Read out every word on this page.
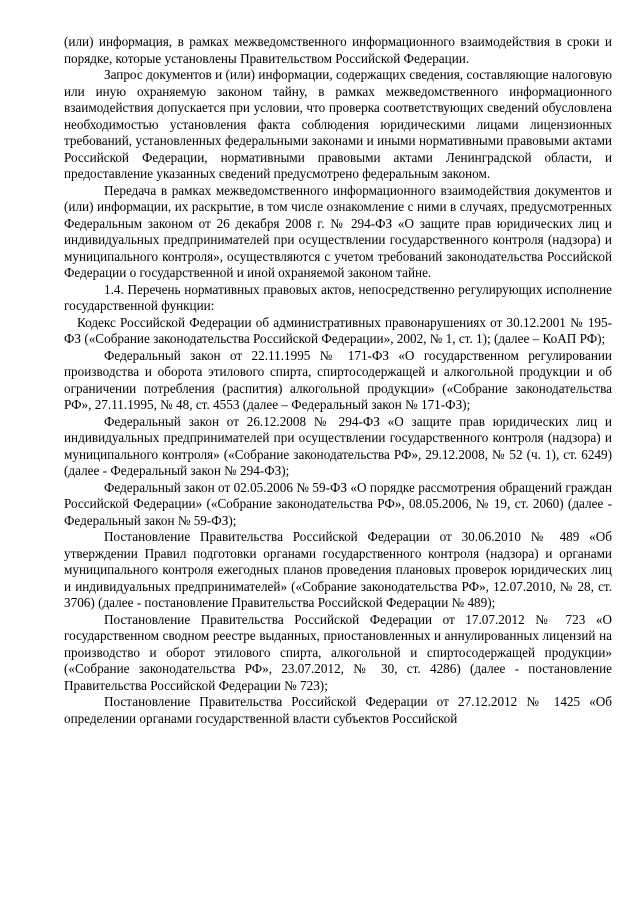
(или) информация, в рамках межведомственного информационного взаимодействия в сроки и порядке, которые установлены Правительством Российской Федерации.

Запрос документов и (или) информации, содержащих сведения, составляющие налоговую или иную охраняемую законом тайну, в рамках межведомственного информационного взаимодействия допускается при условии, что проверка соответствующих сведений обусловлена необходимостью установления факта соблюдения юридическими лицами лицензионных требований, установленных федеральными законами и иными нормативными правовыми актами Российской Федерации, нормативными правовыми актами Ленинградской области, и предоставление указанных сведений предусмотрено федеральным законом.

Передача в рамках межведомственного информационного взаимодействия документов и (или) информации, их раскрытие, в том числе ознакомление с ними в случаях, предусмотренных Федеральным законом от 26 декабря 2008 г. № 294-ФЗ «О защите прав юридических лиц и индивидуальных предпринимателей при осуществлении государственного контроля (надзора) и муниципального контроля», осуществляются с учетом требований законодательства Российской Федерации о государственной и иной охраняемой законом тайне.

1.4. Перечень нормативных правовых актов, непосредственно регулирующих исполнение государственной функции:

Кодекс Российской Федерации об административных правонарушениях от 30.12.2001 № 195-ФЗ («Собрание законодательства Российской Федерации», 2002, № 1, ст. 1); (далее – КоАП РФ);

Федеральный закон от 22.11.1995 № 171-ФЗ «О государственном регулировании производства и оборота этилового спирта, спиртосодержащей и алкогольной продукции и об ограничении потребления (распития) алкогольной продукции» («Собрание законодательства РФ», 27.11.1995, № 48, ст. 4553 (далее – Федеральный закон № 171-ФЗ);

Федеральный закон от 26.12.2008 № 294-ФЗ «О защите прав юридических лиц и индивидуальных предпринимателей при осуществлении государственного контроля (надзора) и муниципального контроля» («Собрание законодательства РФ», 29.12.2008, № 52 (ч. 1), ст. 6249) (далее - Федеральный закон № 294-ФЗ);

Федеральный закон от 02.05.2006 № 59-ФЗ «О порядке рассмотрения обращений граждан Российской Федерации» («Собрание законодательства РФ», 08.05.2006, № 19, ст. 2060) (далее - Федеральный закон № 59-ФЗ);

Постановление Правительства Российской Федерации от 30.06.2010 № 489 «Об утверждении Правил подготовки органами государственного контроля (надзора) и органами муниципального контроля ежегодных планов проведения плановых проверок юридических лиц и индивидуальных предпринимателей» («Собрание законодательства РФ», 12.07.2010, № 28, ст. 3706) (далее - постановление Правительства Российской Федерации № 489);

Постановление Правительства Российской Федерации от 17.07.2012 № 723 «О государственном сводном реестре выданных, приостановленных и аннулированных лицензий на производство и оборот этилового спирта, алкогольной и спиртосодержащей продукции» («Собрание законодательства РФ», 23.07.2012, № 30, ст. 4286) (далее - постановление Правительства Российской Федерации № 723);

Постановление Правительства Российской Федерации от 27.12.2012 № 1425 «Об определении органами государственной власти субъектов Российской
